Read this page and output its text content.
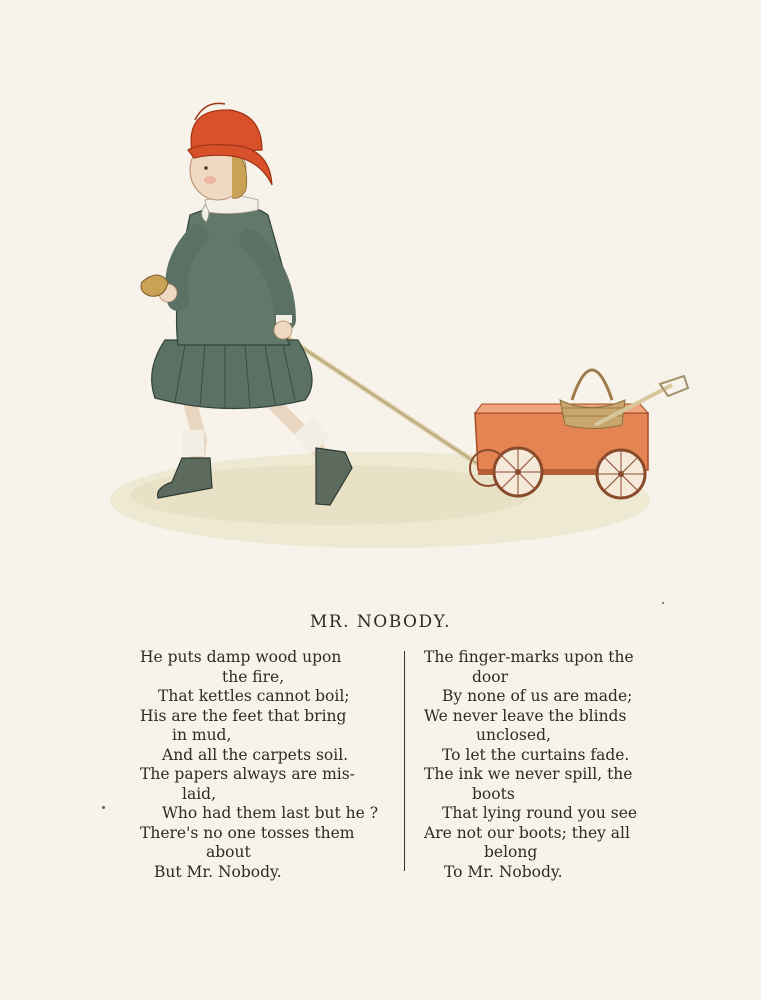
MR. NOBODY.
He puts damp wood upon
the fire,
That kettles cannot boil;
His are the feet that bring
in mud,
And all the carpets soil.
The papers always are mis-
laid,
Who had them last but he ?
There's no one tosses them
about
But Mr. Nobody.
The finger-marks upon the
door
By none of us are made;
We never leave the blinds
unclosed,
To let the curtains fade.
The ink we never spill, the
boots
That lying round you see
Are not our boots; they all
belong
To Mr. Nobody.
